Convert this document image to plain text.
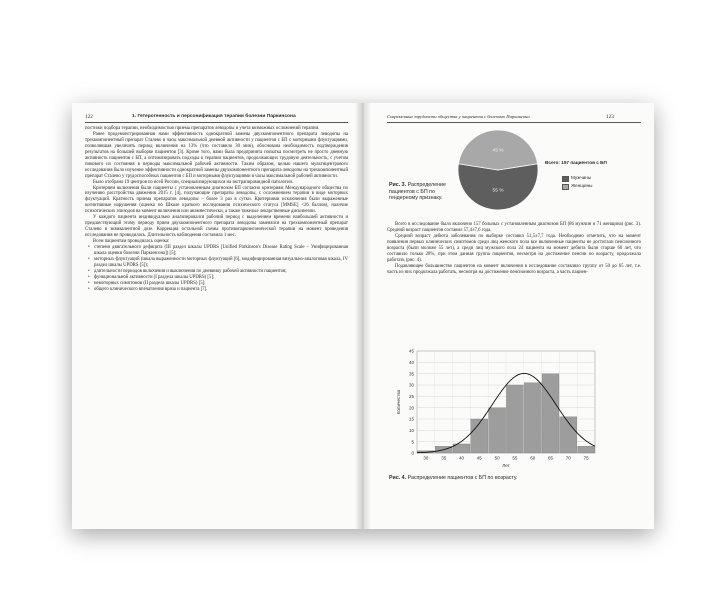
122	1. Гетерогенность и персонификация терапии болезни Паркинсона

постижи подбора терапии, необходимостью приема препаратов леводопы и учета возможных осложнений терапии.

Ранее продемонстрированная нами эффективность однократной замены двухкомпонентного препарата леводопы на трехкомпонентный препарат Сталево в часы максимальной дневной активности у пациентов с БП с моторными флуктуациями, позволившая увеличить период включения на 13% (что составило 30 мин), обоснована необходимость подтверждения результатов на большей выборке пациентов [3]. Кроме того, нами была предпринята попытка посмотреть не просто дневную активность пациентов с БП, а оптимизировать подходы к терапии пациентов, продолжающих трудовую деятельность, с учетом пикового их состояния в периоды максимальной рабочей активности. Таким образом, целью нашего мультицентрового исследования было изучение эффективности однократной замены двухкомпонентного препарата леводопы на трехкомпонентный препарат Сталево у трудоспособных пациентов с БП и моторными флуктуациями в часы максимальной рабочей активности.

Было отобрано 19 центров по всей России, специализирующихся на экстрапирамидной патологии.

Критерием включения были пациенты с установленным диагнозом БП согласно критериям Международного общества по изучению расстройства движения 2015 г. [4], получающие препараты леводопы, с осложнением терапии в виде моторных флуктуаций. Кратность приема препаратов леводопы – более 3 раз в сутки. Критериями исключения были выраженные когнитивные нарушения (оценка по Шкале краткого исследования психического статуса [MMSE] <26 баллов), наличие психотических эпизодов на момент включения или анамнестически, а также тяжелые лекарственные дискинезии.

У каждого пациента индивидуально анализировался рабочий период с выделением времени наибольшей активности и предшествующий этому периоду прием двухкомпонентного препарата леводопы заменялся на трехкомпонентный препарат Сталево в эквивалентной дозе. Коррекция остальной схемы противопаркинсонической терапии на момент проведения исследования не проводилась. Длительность наблюдения составила 1 мес.

Всем пациентам проводилась оценка:

• степени двигательного дефицита (III раздел шкалы UPDRS [Unified Parkinson's Disease Rating Scale – Унифицированная шкала оценки болезни Паркинсона]) [5];
• моторных флуктуаций (шкала выраженности моторных флуктуаций [6], модифицированная визуально-аналоговая шкала, IV раздел шкалы UPDRS [5]);
• длительности периодов включения и выключения по дневнику рабочей активности пациентов;
• функциональной активности (I раздела шкалы UPDRS) [5];
• немоторных симптомов (II раздела шкалы UPDRS) [5];
• общего клинического впечатления врача и пациента [7].
Современные трудности общества у пациентов с болезнью Паркинсона	123
55 %
45 %
Всего: 157 пациентов с БП
Мужчины
Женщины
Рис. 3. Распределение пациентов с БП по гендерному признаку.

Всего в исследование было включено 157 больных с установленным диагнозом БП (86 мужчин и 71 женщина) (рис. 3). Средний возраст пациентов составил 57,4±7,6 года.

Средний возраст дебюта заболевания по выборке составил 51,5±7,7 года. Необходимо отметить, что на момент появления первых клинических симптомов среди лиц женского пола все включенные пациенты не достигали пенсионного возраста (были моложе 55 лет), а среди лиц мужского пола 24 пациента на момент дебюта были старше 60 лет, что составило только 28%, при этом данная группа пациентов, несмотря на достижение пенсии по возрасту, продолжала работать (рис. 4).

Подавляющее большинство пациентов на момент включения в исследование составляло группу от 50 до 65 лет, т.е. часть из них продолжала работать, несмотря на достижение пенсионного возраста, а часть пациен-

0
5
10
15
20
25
30
35
40
45
30	35	40	45	50	55	60	65	70	75
Лет
Количество
Рис. 4. Распределение пациентов с БП по возрасту.
